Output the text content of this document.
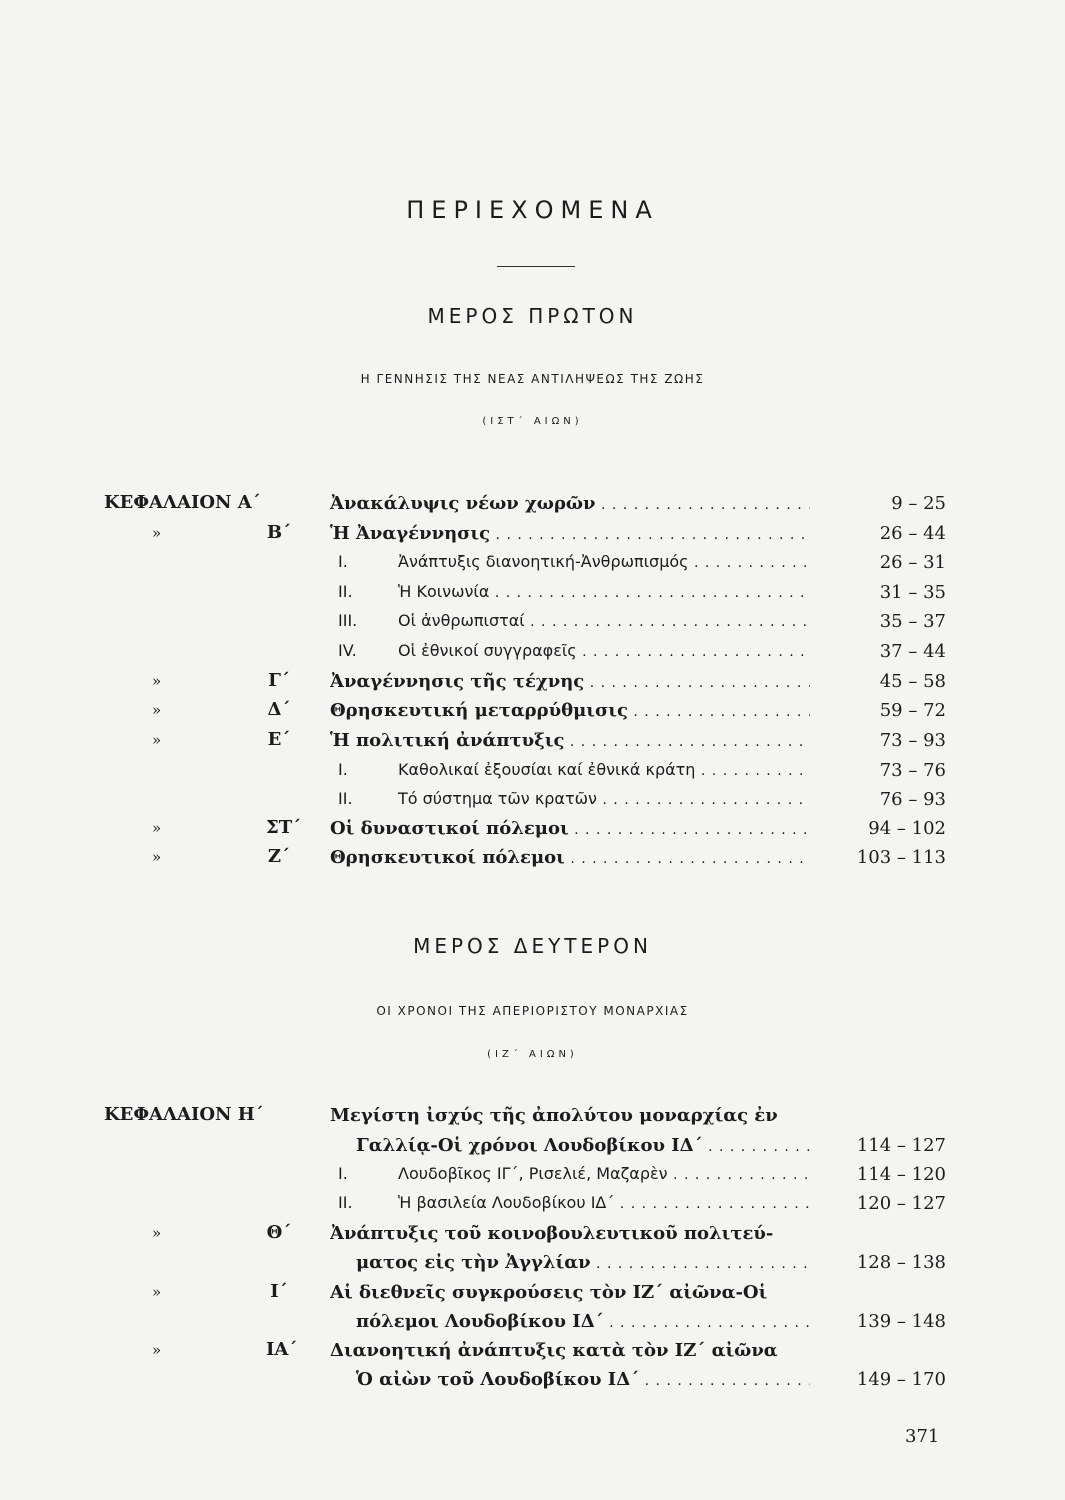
ΠΕΡΙΕΧΟΜΕΝΑ
ΜΕΡΟΣ ΠΡΩΤΟΝ
Η ΓΕΝΝΗΣΙΣ ΤΗΣ ΝΕΑΣ ΑΝΤΙΛΗΨΕΩΣ ΤΗΣ ΖΩΗΣ
(ΙΣΤ΄ ΑΙΩΝ)
ΚΕΦΑΛΑΙΟΝ Α΄	Ἀνακάλυψις νέων χωρῶν . . .	9 – 25
»	Β΄ Ἡ Ἀναγέννησις . . .	26 – 44
I.	Ἀνάπτυξις διανοητική-Ἀνθρωπισμός . . .	26 – 31
II.	Ἡ Κοινωνία . . .	31 – 35
III.	Οἱ ἀνθρωπισταί . . .	35 – 37
IV.	Οἱ ἐθνικοί συγγραφεῖς . . .	37 – 44
»	Γ΄ Ἀναγέννησις τῆς τέχνης . . .	45 – 58
»	Δ΄ Θρησκευτική μεταρρύθμισις . . .	59 – 72
»	Ε΄ Ἡ πολιτική ἀνάπτυξις . . .	73 – 93
I.	Καθολικαί ἐξουσίαι καί ἐθνικά κράτη . . .	73 – 76
II.	Τό σύστημα τῶν κρατῶν . . .	76 – 93
»	ΣΤ΄ Οἱ δυναστικοί πόλεμοι . . .	94 – 102
»	Ζ΄ Θρησκευτικοί πόλεμοι . . .	103 – 113
ΜΕΡΟΣ ΔΕΥΤΕΡΟΝ
ΟΙ ΧΡΟΝΟΙ ΤΗΣ ΑΠΕΡΙΟΡΙΣΤΟΥ ΜΟΝΑΡΧΙΑΣ
(ΙΖ΄ ΑΙΩΝ)
ΚΕΦΑΛΑΙΟΝ Η΄	Μεγίστη ἰσχύς τῆς ἀπολύτου μοναρχίας ἐν
Γαλλίᾳ-Οἱ χρόνοι Λουδοβίκου ΙΔ΄ . . .	114 – 127
I.	Λουδοβῖκος ΙΓ΄, Ρισελιέ, Μαζαρὲν . . .	114 – 120
II.	Ἡ βασιλεία Λουδοβίκου ΙΔ΄ . . .	120 – 127
»	Θ΄ Ἀνάπτυξις τοῦ κοινοβουλευτικοῦ πολιτεύ-
ματος εἰς τὴν Ἀγγλίαν . . .	128 – 138
»	Ι΄ Αἱ διεθνεῖς συγκρούσεις τὸν ΙΖ΄ αἰῶνα-Οἱ
πόλεμοι Λουδοβίκου ΙΔ΄ . . .	139 – 148
»	ΙΑ΄ Διανοητική ἀνάπτυξις κατὰ τὸν ΙΖ΄ αἰῶνα
Ὁ αἰὼν τοῦ Λουδοβίκου ΙΔ΄ . . .	149 – 170
371
